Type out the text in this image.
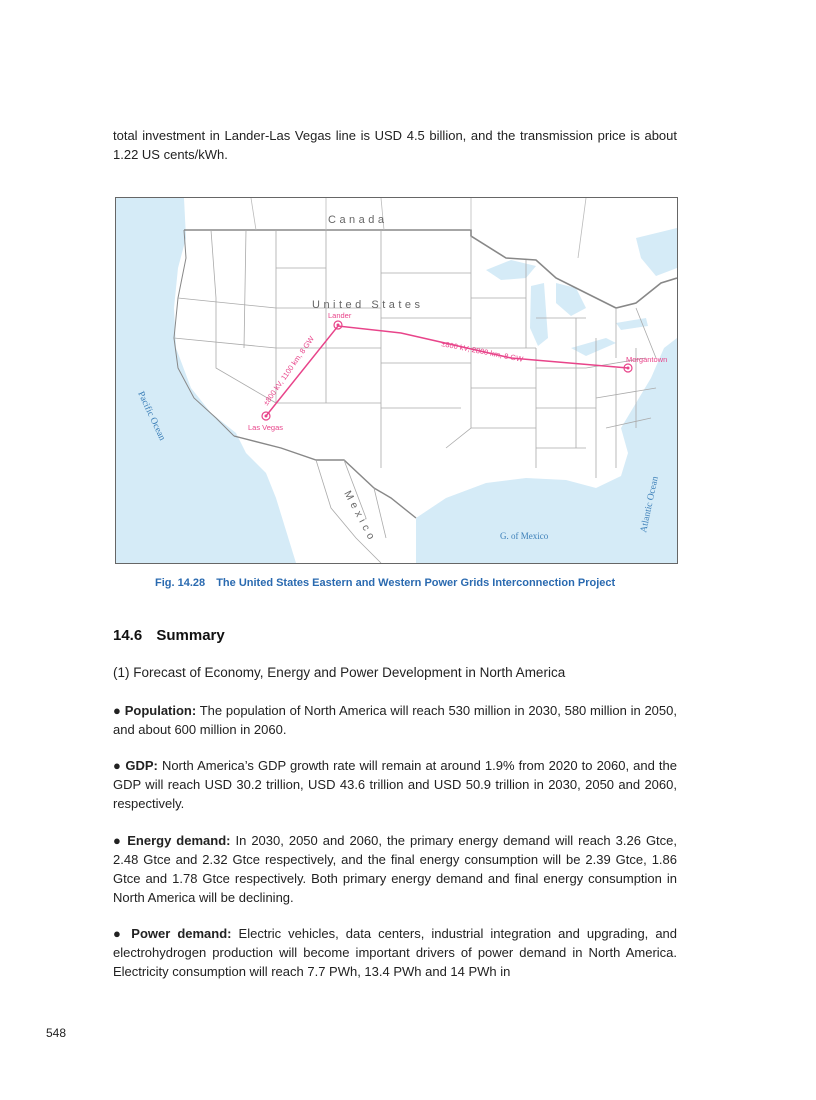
total investment in Lander-Las Vegas line is USD 4.5 billion, and the transmission price is about 1.22 US cents/kWh.
Canada
United States
Mexico
Pacific Ocean
Atlantic Ocean
G. of Mexico
Lander
Las Vegas
Morgantown
±800 kV, 1100 km, 8 GW	±800 kV, 2800 km, 8 GW
Fig. 14.28 The United States Eastern and Western Power Grids Interconnection Project
14.6 Summary
(1) Forecast of Economy, Energy and Power Development in North America
● Population: The population of North America will reach 530 million in 2030, 580 million in 2050, and about 600 million in 2060.
● GDP: North America’s GDP growth rate will remain at around 1.9% from 2020 to 2060, and the GDP will reach USD 30.2 trillion, USD 43.6 trillion and USD 50.9 trillion in 2030, 2050 and 2060, respectively.
● Energy demand: In 2030, 2050 and 2060, the primary energy demand will reach 3.26 Gtce, 2.48 Gtce and 2.32 Gtce respectively, and the final energy consumption will be 2.39 Gtce, 1.86 Gtce and 1.78 Gtce respectively. Both primary energy demand and final energy consumption in North America will be declining.
● Power demand: Electric vehicles, data centers, industrial integration and upgrading, and electrohydrogen production will become important drivers of power demand in North America. Electricity consumption will reach 7.7 PWh, 13.4 PWh and 14 PWh in
548
